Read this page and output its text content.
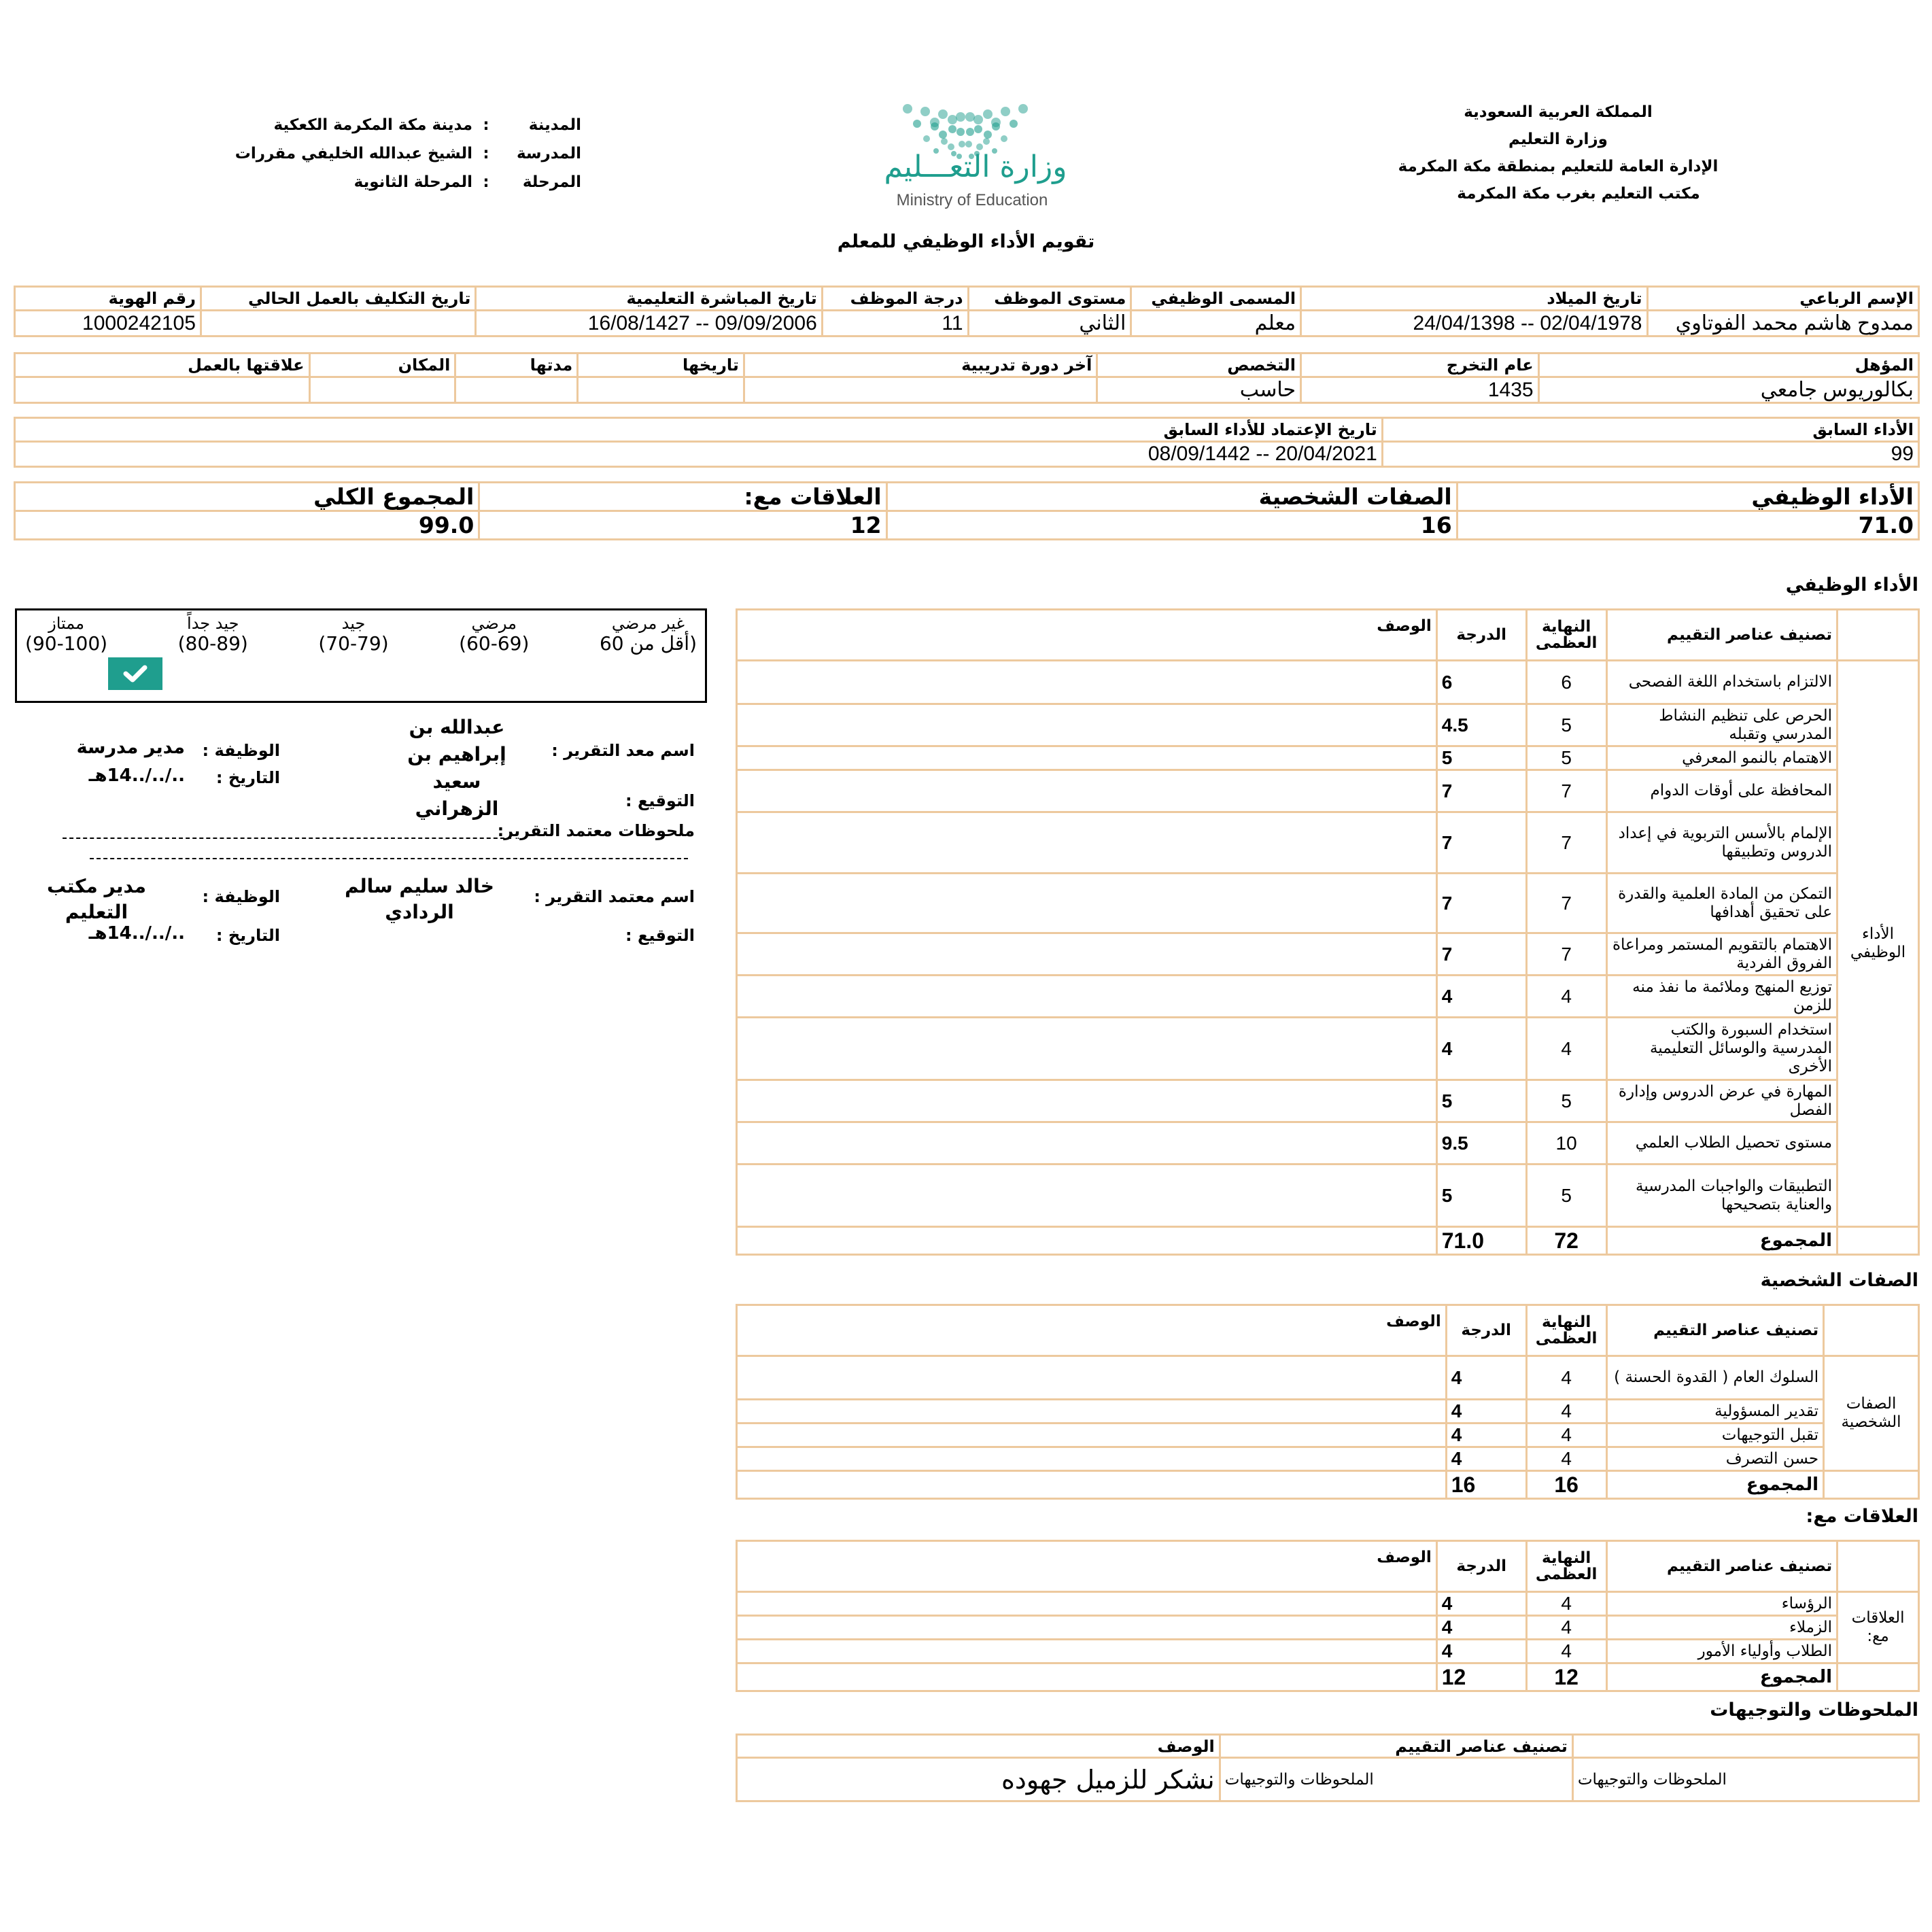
المملكة العربية السعودية
وزارة التعليم
الإدارة العامة للتعليم بمنطقة مكة المكرمة
مكتب التعليم بغرب مكة المكرمة
وزارة التعـــليم
Ministry of Education
المدينة
:
مدينة مكة المكرمة الكعكية
المدرسة
:
الشيخ عبدالله الخليفي مقررات
المرحلة
:
المرحلة الثانوية
تقويم الأداء الوظيفي للمعلم
الإسم الرباعي	تاريخ الميلاد	المسمى الوظيفي	مستوى الموظف	درجة الموظف	تاريخ المباشرة التعليمية	تاريخ التكليف بالعمل الحالي	رقم الهوية
ممدوح هاشم محمد الفوتاوي	02/04/1978 -- 24/04/1398	معلم	الثاني	11	09/09/2006 -- 16/08/1427		1000242105
المؤهل	عام التخرج	التخصص	آخر دورة تدريبية	تاريخها	مدتها	المكان	علاقتها بالعمل
بكالوريوس جامعي	1435	حاسب					
الأداء السابق	تاريخ الإعتماد للأداء السابق
99	20/04/2021 -- 08/09/1442
الأداء الوظيفي	الصفات الشخصية	العلاقات مع:	المجموع الكلي
71.0	16	12	99.0
غير مرضي
(أقل من 60
مرضي
(60-69)
جيد
(70-79)
جيد جداً
(80-89)
ممتاز
(90-100)
اسم معد التقرير :
عبدالله بن إبراهيم بن سعيد الزهراني
الوظيفة :
مدير مدرسة
التاريخ :
../../..14هـ
التوقيع :
ملحوظات معتمد التقرير:
اسم معتمد التقرير :
خالد سليم سالم الردادي
الوظيفة :
مدير مكتب التعليم
التوقيع :
التاريخ :
../../..14هـ
الأداء الوظيفي
	تصنيف عناصر التقييم	النهاية العظمى	الدرجة	الوصف
الأداء الوظيفي	الالتزام باستخدام اللغة الفصحى	6	6	
	الحرص على تنظيم النشاط المدرسي وتقبله	5	4.5	
	الاهتمام بالنمو المعرفي	5	5	
	المحافظة على أوقات الدوام	7	7	
	الإلمام بالأسس التربوية في إعداد الدروس وتطبيقها	7	7	
	التمكن من المادة العلمية والقدرة على تحقيق أهدافها	7	7	
	الاهتمام بالتقويم المستمر ومراعاة الفروق الفردية	7	7	
	توزيع المنهج وملائمة ما نفذ منه للزمن	4	4	
	استخدام السبورة والكتب المدرسية والوسائل التعليمية الأخرى	4	4	
	المهارة في عرض الدروس وإدارة الفصل	5	5	
	مستوى تحصيل الطلاب العلمي	10	9.5	
	التطبيقات والواجبات المدرسية والعناية بتصحيحها	5	5	
	المجموع	72	71.0	
الصفات الشخصية
	تصنيف عناصر التقييم	النهاية العظمى	الدرجة	الوصف
الصفات الشخصية	السلوك العام ( القدوة الحسنة )	4	4	
	تقدير المسؤولية	4	4	
	تقبل التوجيهات	4	4	
	حسن التصرف	4	4	
	المجموع	16	16	
العلاقات مع:
	تصنيف عناصر التقييم	النهاية العظمى	الدرجة	الوصف
العلاقات مع:	الرؤساء	4	4	
	الزملاء	4	4	
	الطلاب وأولياء الأمور	4	4	
	المجموع	12	12	
الملحوظات والتوجيهات
	تصنيف عناصر التقييم	الوصف
الملحوظات والتوجيهات	الملحوظات والتوجيهات	نشكر للزميل جهوده
